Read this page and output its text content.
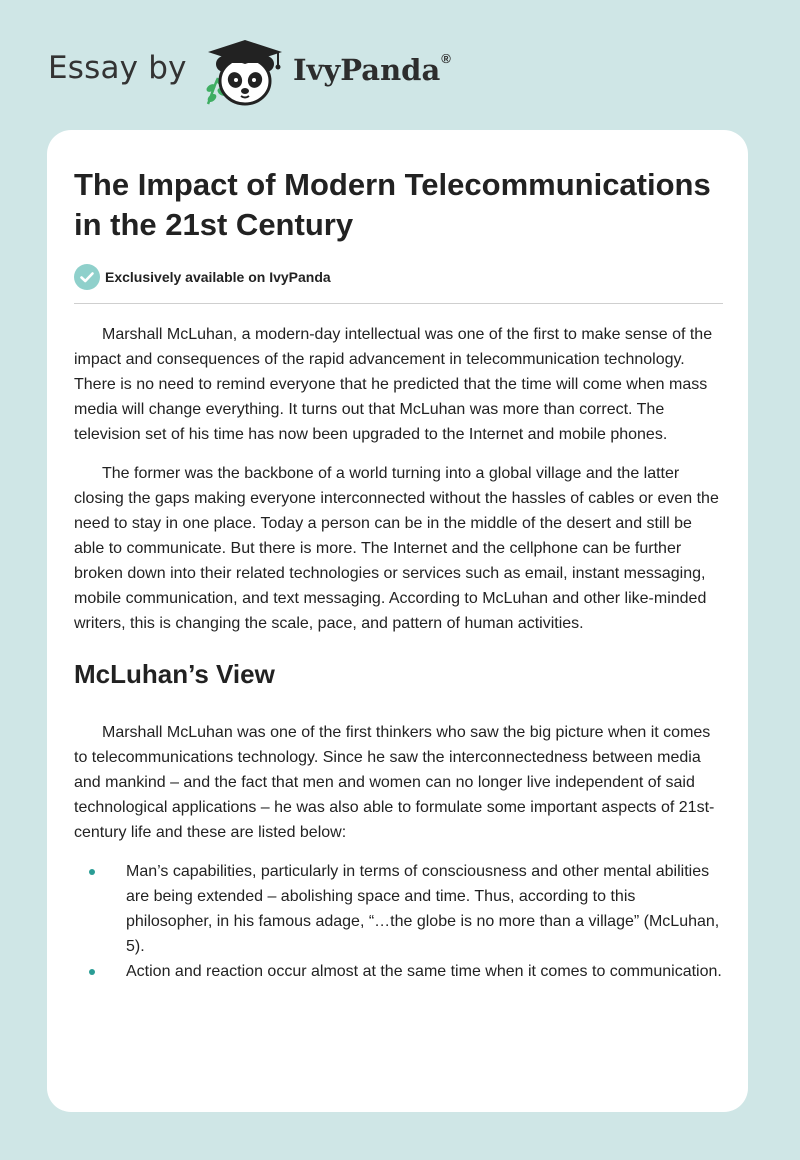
Essay by	IvyPanda®
The Impact of Modern Telecommunications in the 21st Century
Exclusively available on IvyPanda

Marshall McLuhan, a modern-day intellectual was one of the first to make sense of the impact and consequences of the rapid advancement in telecommunication technology. There is no need to remind everyone that he predicted that the time will come when mass media will change everything. It turns out that McLuhan was more than correct. The television set of his time has now been upgraded to the Internet and mobile phones.

The former was the backbone of a world turning into a global village and the latter closing the gaps making everyone interconnected without the hassles of cables or even the need to stay in one place. Today a person can be in the middle of the desert and still be able to communicate. But there is more. The Internet and the cellphone can be further broken down into their related technologies or services such as email, instant messaging, mobile communication, and text messaging. According to McLuhan and other like-minded writers, this is changing the scale, pace, and pattern of human activities.

McLuhan’s View

Marshall McLuhan was one of the first thinkers who saw the big picture when it comes to telecommunications technology. Since he saw the interconnectedness between media and mankind – and the fact that men and women can no longer live independent of said technological applications – he was also able to formulate some important aspects of 21st-century life and these are listed below:

Man’s capabilities, particularly in terms of consciousness and other mental abilities are being extended – abolishing space and time. Thus, according to this philosopher, in his famous adage, “…the globe is no more than a village” (McLuhan, 5).
Action and reaction occur almost at the same time when it comes to communication.
